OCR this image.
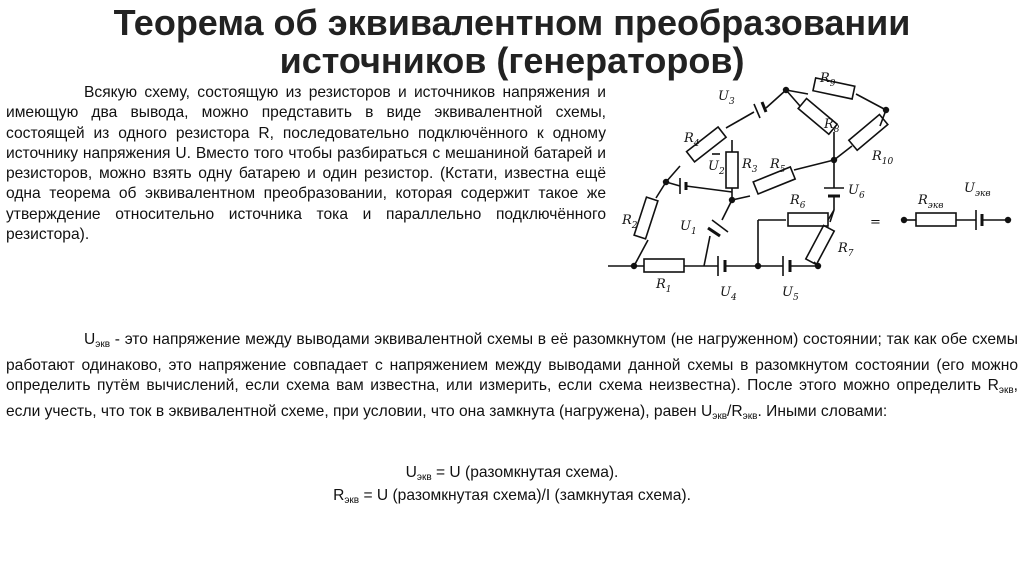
Теорема об эквивалентном преобразовании
источников (генераторов)
Всякую схему, состоящую из резисторов и источников напряжения и имеющую два вывода, можно представить в виде эквивалентной схемы, состоящей из одного резистора R, последовательно подключённого к одному источнику напряжения U. Вместо того чтобы разбираться с мешаниной батарей и резисторов, можно взять одну батарею и один резистор. (Кстати, известна ещё одна теорема об эквивалентном преобразовании, которая содержит такое же утверждение относительно источника тока и параллельно подключённого резистора).
$U_3$
$R_9$
$R_8$
$R_4$
$U_2$ $R_3$ $R_5$
$R_{10}$
$U_6$
$R_6$
$R_2$	$U_1$
$R_7$
$R_1$	$U_4$	$U_5$
$R_{экв}$
$U_{экв}$
=
$U_{экв}$ - это напряжение между выводами эквивалентной схемы в её разомкнутом (не нагруженном) состоянии; так как обе схемы работают одинаково, это напряжение совпадает с напряжением между выводами данной схемы в разомкнутом состоянии (его можно определить путём вычислений, если схема вам известна, или измерить, если схема неизвестна). После этого можно определить $R_{экв}$, если учесть, что ток в эквивалентной схеме, при условии, что она замкнута (нагружена), равен $U_{экв}/R_{экв}$. Иными словами:
$U_{экв} = U$ (разомкнутая схема).
$R_{экв} = U$ (разомкнутая схема)/I (замкнутая схема).
